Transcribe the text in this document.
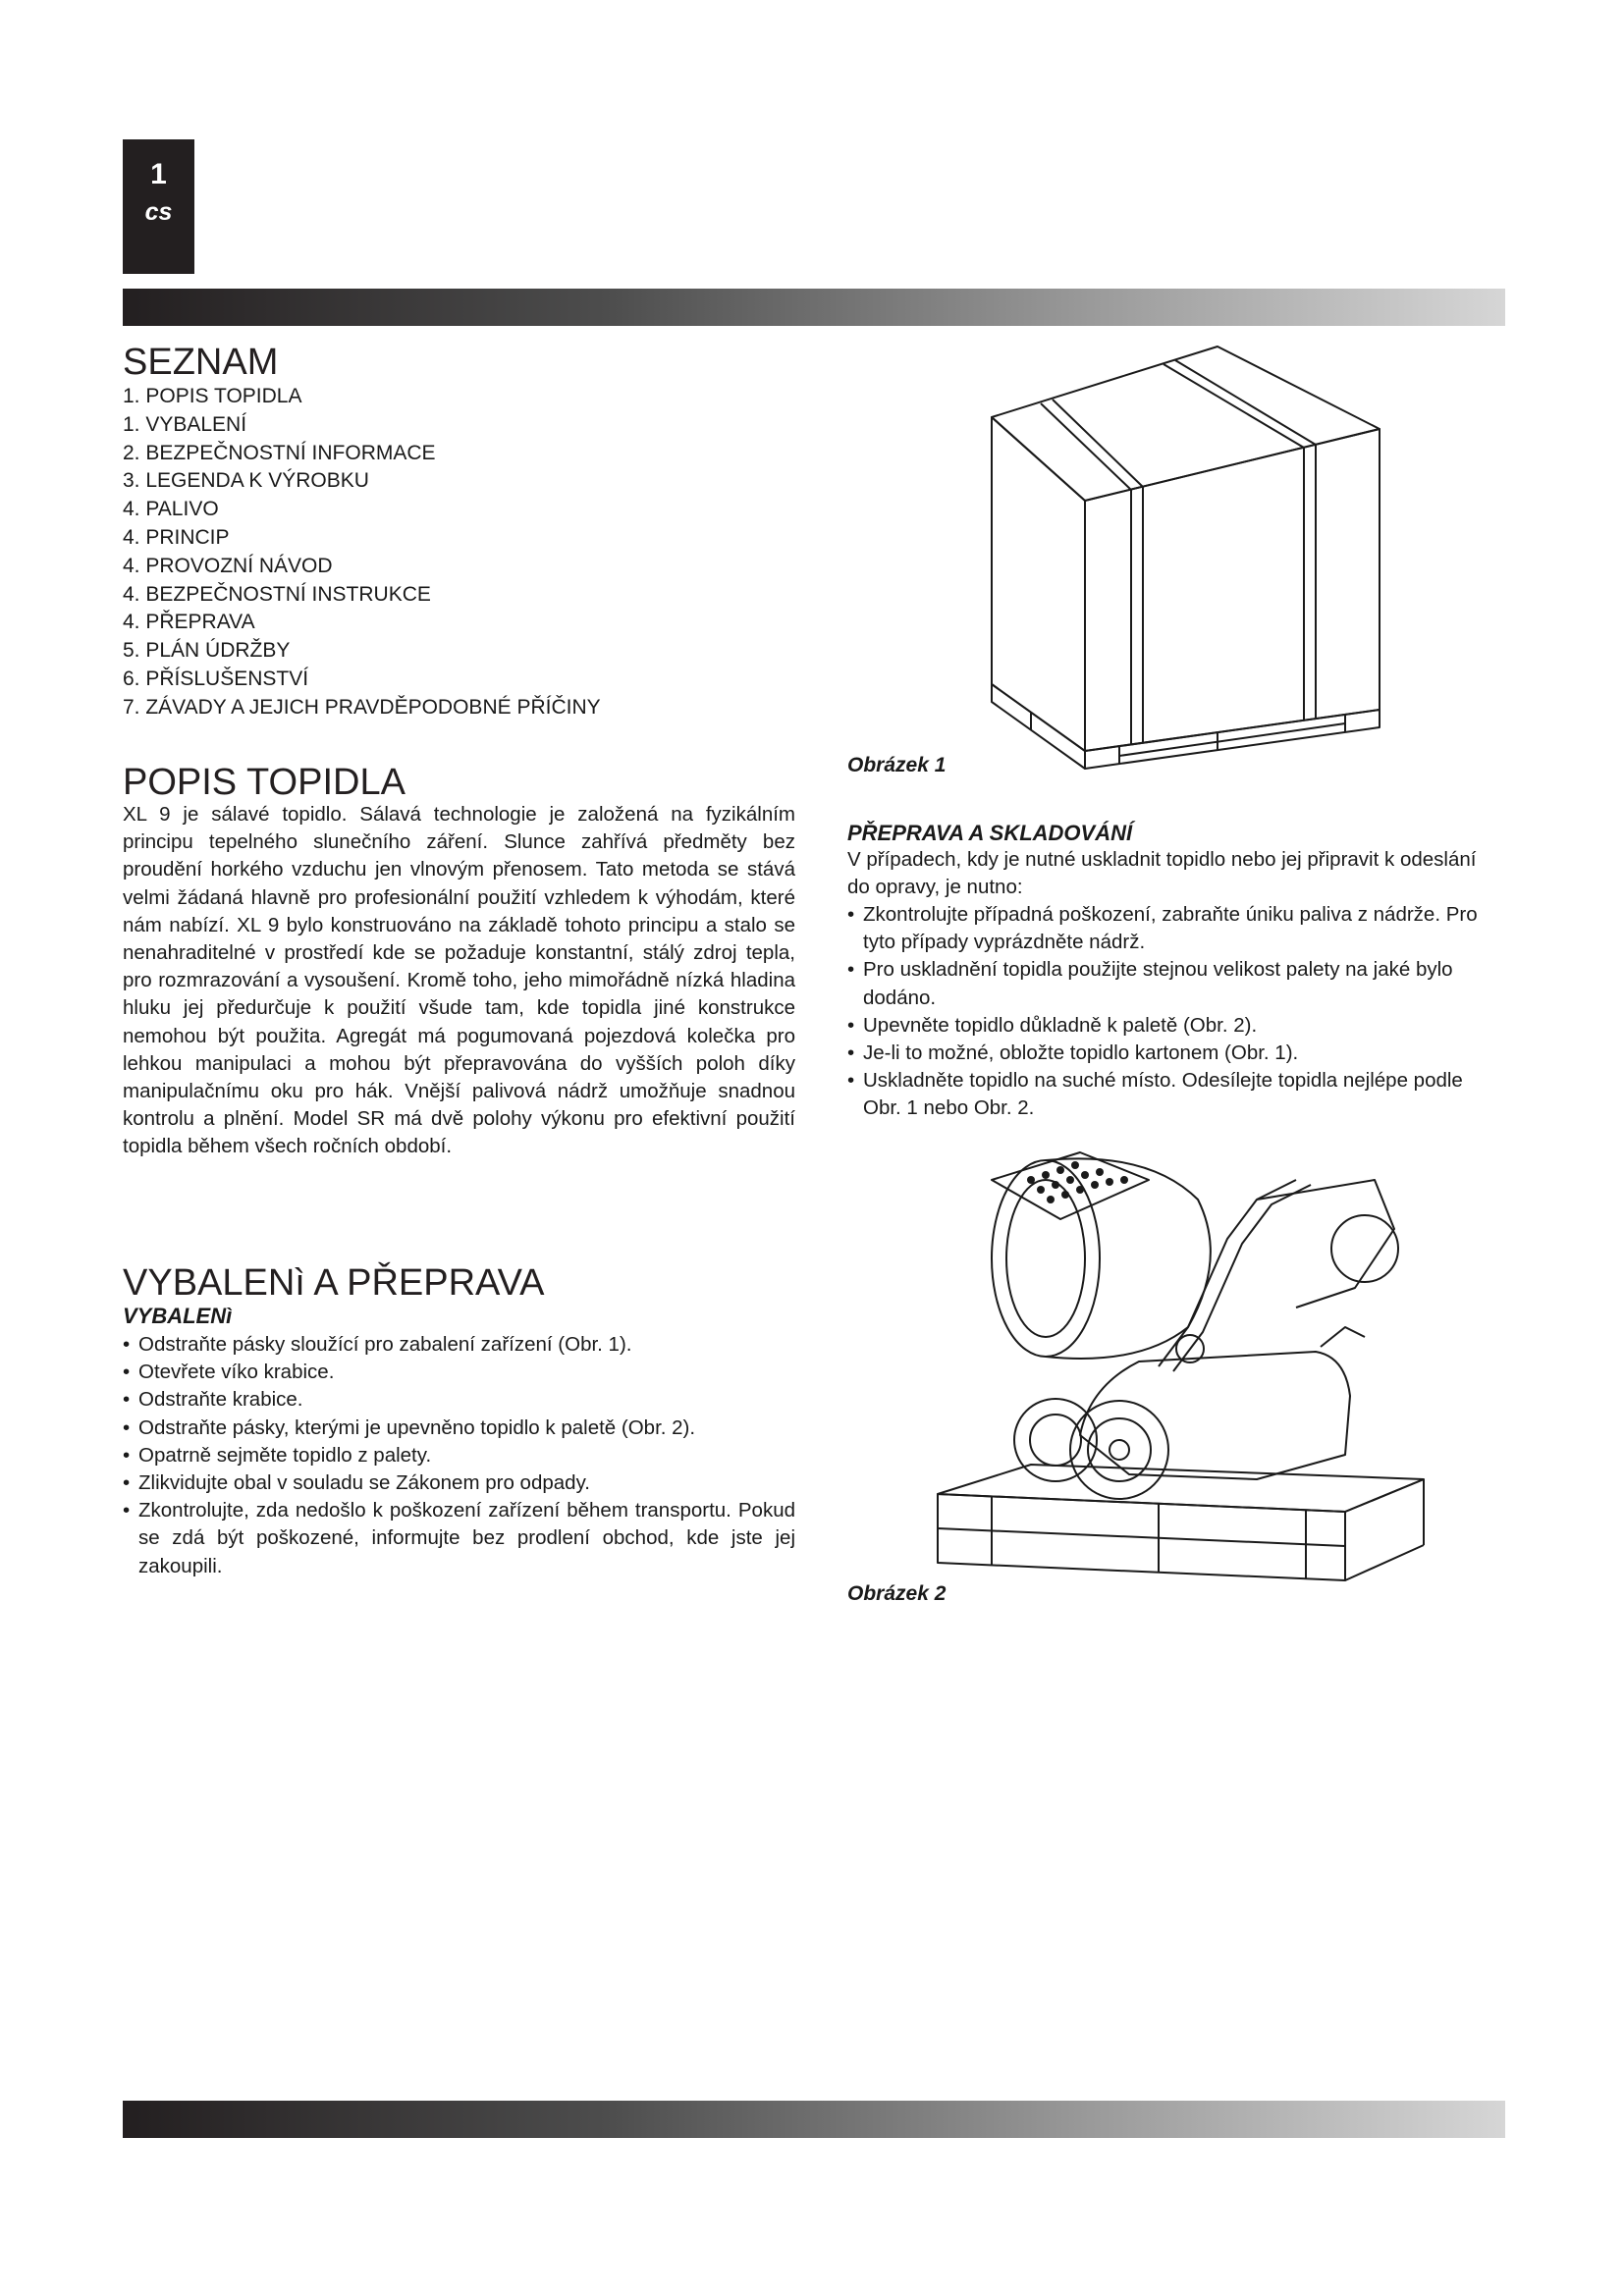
1
cs
SEZNAM
1. POPIS TOPIDLA
1. VYBALENÍ
2. BEZPEČNOSTNÍ INFORMACE
3. LEGENDA K VÝROBKU
4. PALIVO
4. PRINCIP
4. PROVOZNÍ NÁVOD
4. BEZPEČNOSTNÍ INSTRUKCE
4. PŘEPRAVA
5. PLÁN ÚDRŽBY
6. PŘÍSLUŠENSTVÍ
7. ZÁVADY A JEJICH PRAVDĚPODOBNÉ PŘÍČINY
POPIS TOPIDLA

XL 9 je sálavé topidlo. Sálavá technologie je založená na fyzikálním principu tepelného slunečního záření. Slunce zahřívá předměty bez proudění horkého vzduchu jen vlnovým přenosem. Tato metoda se stává velmi žádaná hlavně pro profesionální použití vzhledem k výhodám, které nám nabízí. XL 9 bylo konstruováno na základě tohoto principu a stalo se nenahraditelné v prostředí kde se požaduje konstantní, stálý zdroj tepla, pro rozmrazování a vysoušení. Kromě toho, jeho mimořádně nízká hladina hluku jej předurčuje k použití všude tam, kde topidla jiné konstrukce nemohou být použita. Agregát má pogumovaná pojezdová kolečka pro lehkou manipulaci a mohou být přepravována do vyšších poloh díky manipulačnímu oku pro hák. Vnější palivová nádrž umožňuje snadnou kontrolu a plnění. Model SR má dvě polohy výkonu pro efektivní použití topidla během všech ročních období.

VYBALENì A PŘEPRAVA

VYBALENì

• Odstraňte pásky sloužící pro zabalení zařízení (Obr. 1).
• Otevřete víko krabice.
• Odstraňte krabice.
• Odstraňte pásky, kterými je upevněno topidlo k paletě (Obr. 2).
• Opatrně sejměte topidlo z palety.
• Zlikvidujte obal v souladu se Zákonem pro odpady.
• Zkontrolujte, zda nedošlo k poškození zařízení během transportu. Pokud se zdá být poškozené, informujte bez prodlení obchod, kde jste jej zakoupili.
Obrázek 1

PŘEPRAVA A SKLADOVÁNÍ

V případech, kdy je nutné uskladnit topidlo nebo jej připravit k odeslání do opravy, je nutno:

• Zkontrolujte případná poškození, zabraňte úniku paliva z nádrže. Pro tyto případy vyprázdněte nádrž.
• Pro uskladnění topidla použijte stejnou velikost palety na jaké bylo dodáno.
• Upevněte topidlo důkladně k paletě (Obr. 2).
• Je-li to možné, obložte topidlo kartonem (Obr. 1).
• Uskladněte topidlo na suché místo. Odesílejte topidla nejlépe podle Obr. 1 nebo Obr. 2.
Obrázek 2
